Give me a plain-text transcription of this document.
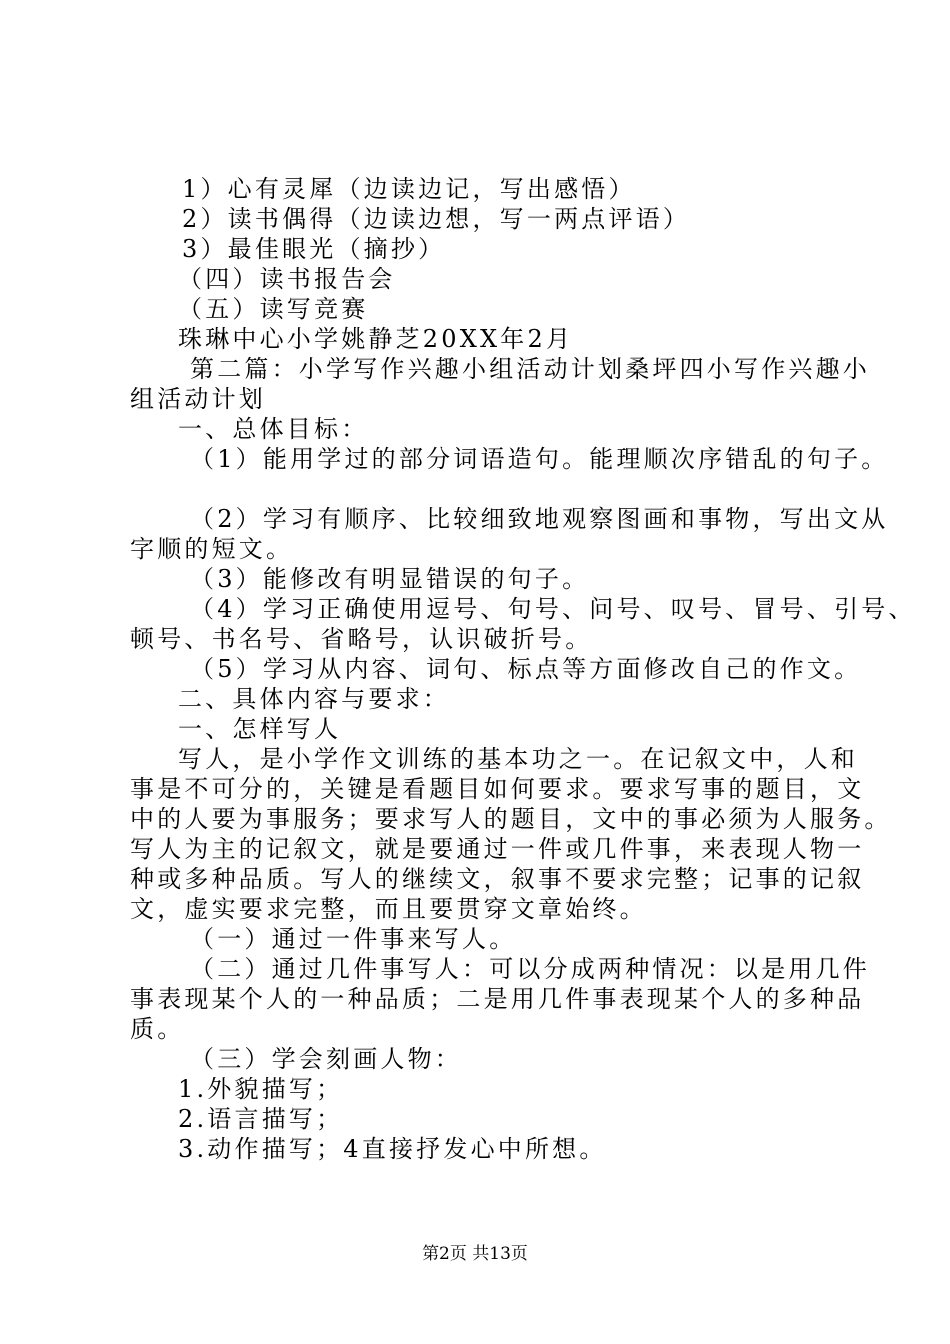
1）心有灵犀（边读边记，写出感悟）

2）读书偶得（边读边想，写一两点评语）

3）最佳眼光（摘抄）

（四）读书报告会

（五）读写竞赛

珠琳中心小学姚静芝20XX年2月

第二篇：小学写作兴趣小组活动计划桑坪四小写作兴趣小

组活动计划

一、总体目标：

（1）能用学过的部分词语造句。能理顺次序错乱的句子。

（2）学习有顺序、比较细致地观察图画和事物，写出文从

字顺的短文。

（3）能修改有明显错误的句子。

（4）学习正确使用逗号、句号、问号、叹号、冒号、引号、

顿号、书名号、省略号，认识破折号。

（5）学习从内容、词句、标点等方面修改自己的作文。

二、具体内容与要求：

一、怎样写人

写人，是小学作文训练的基本功之一。在记叙文中，人和

事是不可分的，关键是看题目如何要求。要求写事的题目，文

中的人要为事服务；要求写人的题目，文中的事必须为人服务。

写人为主的记叙文，就是要通过一件或几件事，来表现人物一

种或多种品质。写人的继续文，叙事不要求完整；记事的记叙

文，虚实要求完整，而且要贯穿文章始终。

（一）通过一件事来写人。

（二）通过几件事写人：可以分成两种情况：以是用几件

事表现某个人的一种品质；二是用几件事表现某个人的多种品

质。

（三）学会刻画人物：

1.外貌描写；

2.语言描写；

3.动作描写；4直接抒发心中所想。

第2页 共13页
